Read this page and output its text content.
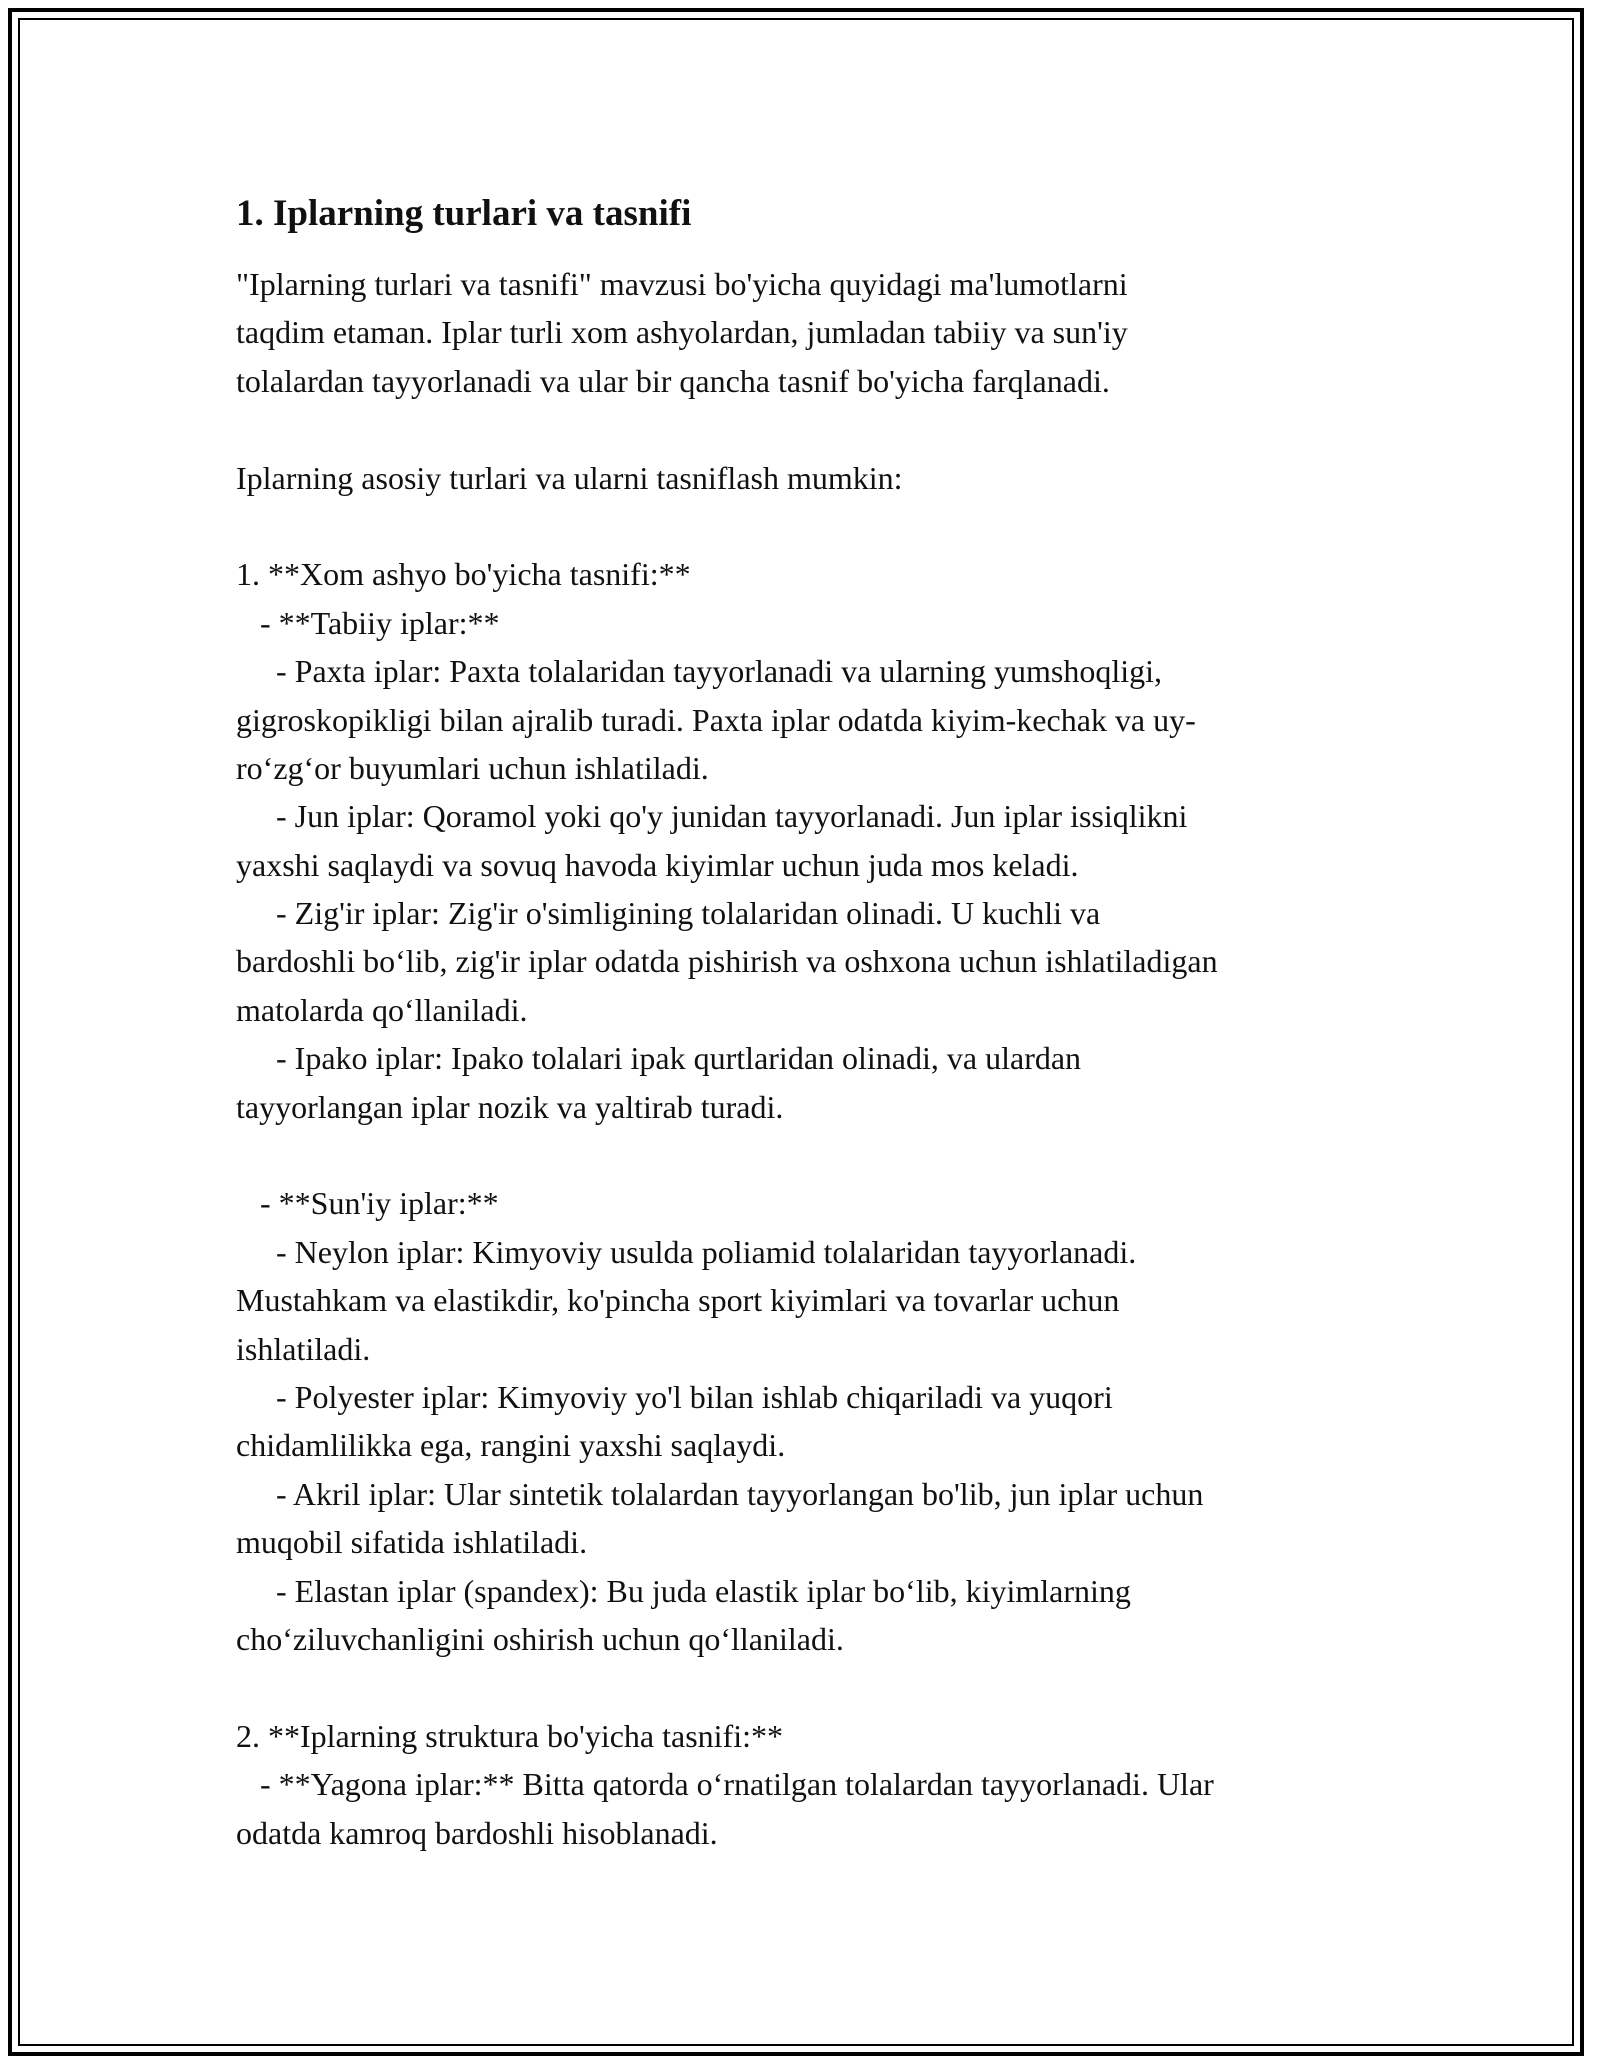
1. Iplarning turlari va tasnifi
"Iplarning turlari va tasnifi" mavzusi bo'yicha quyidagi ma'lumotlarni
taqdim etaman. Iplar turli xom ashyolardan, jumladan tabiiy va sun'iy
tolalardan tayyorlanadi va ular bir qancha tasnif bo'yicha farqlanadi.
Iplarning asosiy turlari va ularni tasniflash mumkin:
1. **Xom ashyo bo'yicha tasnifi:**
- **Tabiiy iplar:**
- Paxta iplar: Paxta tolalaridan tayyorlanadi va ularning yumshoqligi,
gigroskopikligi bilan ajralib turadi. Paxta iplar odatda kiyim-kechak va uy-
ro‘zg‘or buyumlari uchun ishlatiladi.
- Jun iplar: Qoramol yoki qo'y junidan tayyorlanadi. Jun iplar issiqlikni
yaxshi saqlaydi va sovuq havoda kiyimlar uchun juda mos keladi.
- Zig'ir iplar: Zig'ir o'simligining tolalaridan olinadi. U kuchli va
bardoshli bo‘lib, zig'ir iplar odatda pishirish va oshxona uchun ishlatiladigan
matolarda qo‘llaniladi.
- Ipako iplar: Ipako tolalari ipak qurtlaridan olinadi, va ulardan
tayyorlangan iplar nozik va yaltirab turadi.
- **Sun'iy iplar:**
- Neylon iplar: Kimyoviy usulda poliamid tolalaridan tayyorlanadi.
Mustahkam va elastikdir, ko'pincha sport kiyimlari va tovarlar uchun
ishlatiladi.
- Polyester iplar: Kimyoviy yo'l bilan ishlab chiqariladi va yuqori
chidamlilikka ega, rangini yaxshi saqlaydi.
- Akril iplar: Ular sintetik tolalardan tayyorlangan bo'lib, jun iplar uchun
muqobil sifatida ishlatiladi.
- Elastan iplar (spandex): Bu juda elastik iplar bo‘lib, kiyimlarning
cho‘ziluvchanligini oshirish uchun qo‘llaniladi.
2. **Iplarning struktura bo'yicha tasnifi:**
- **Yagona iplar:** Bitta qatorda o‘rnatilgan tolalardan tayyorlanadi. Ular
odatda kamroq bardoshli hisoblanadi.
